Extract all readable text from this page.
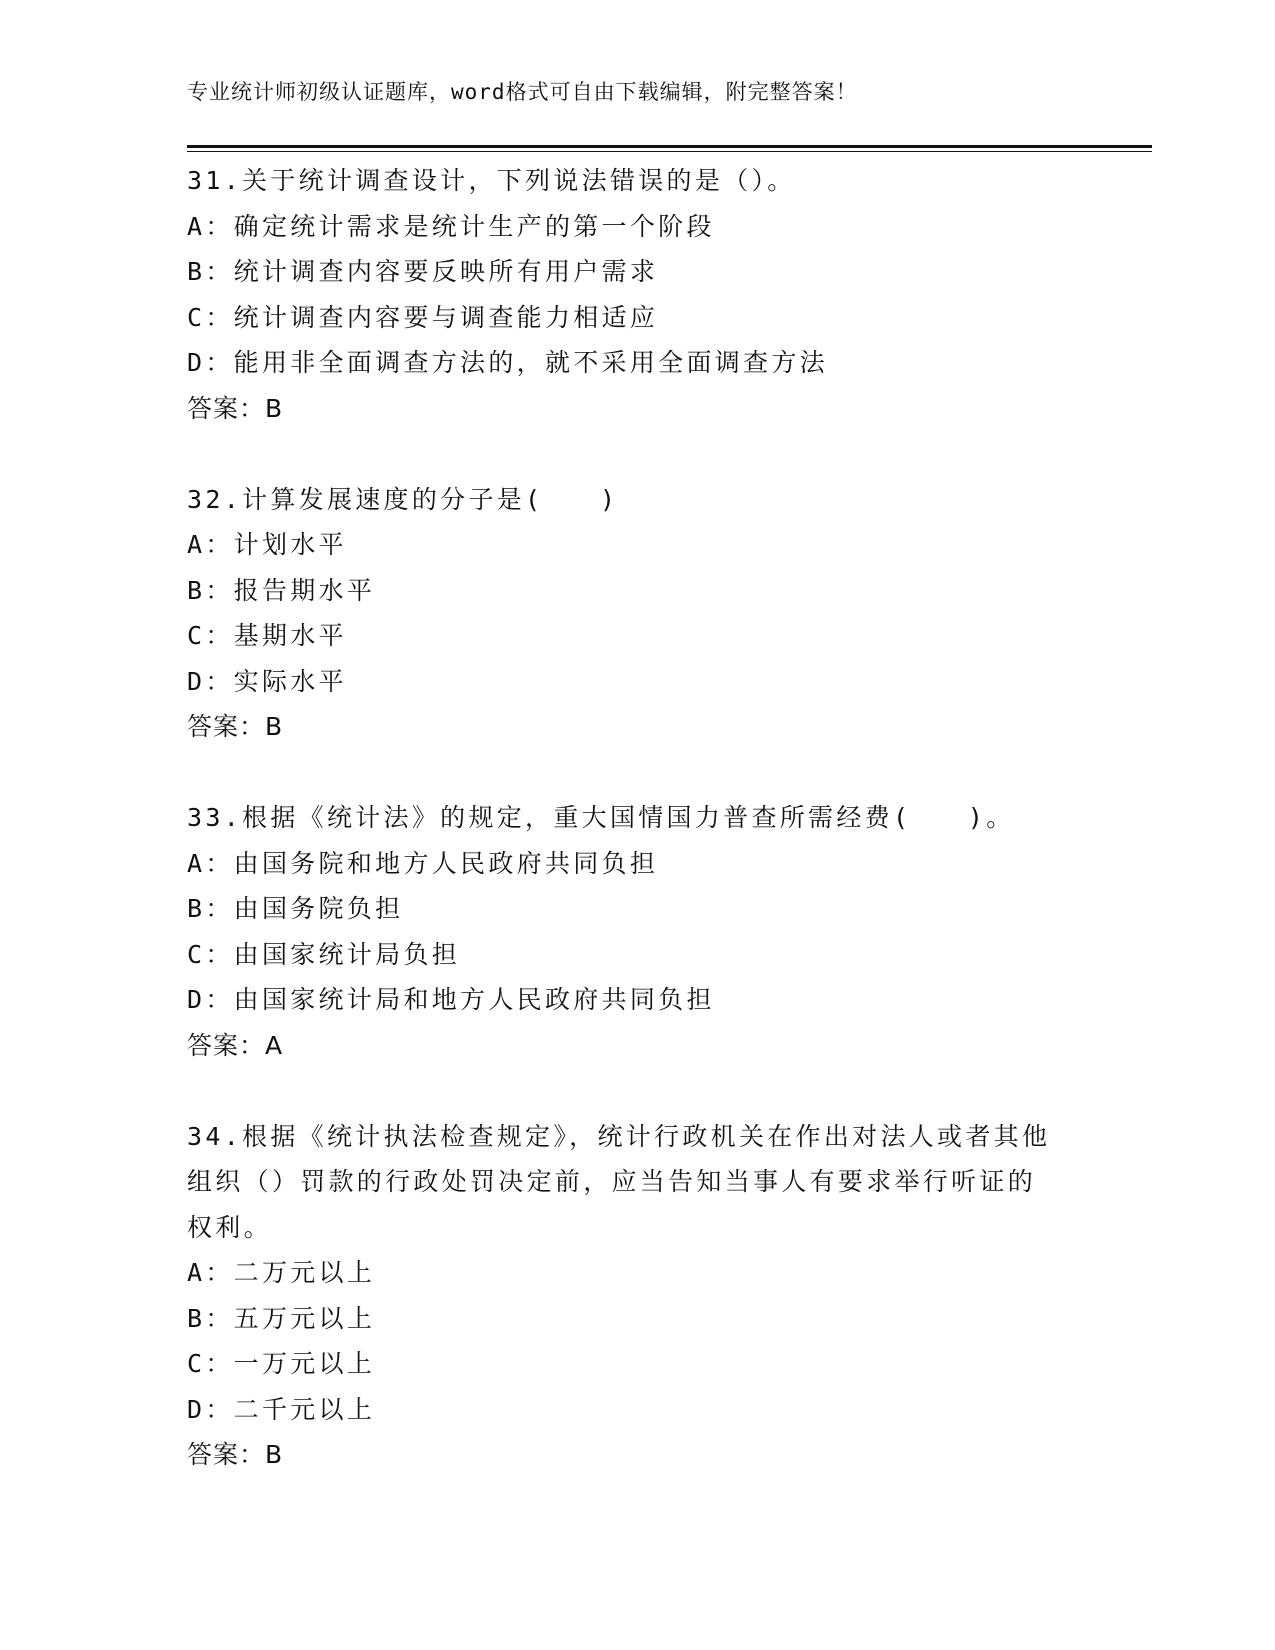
专业统计师初级认证题库，word格式可自由下载编辑，附完整答案！
31.关于统计调查设计，下列说法错误的是（）。
A：确定统计需求是统计生产的第一个阶段
B：统计调查内容要反映所有用户需求
C：统计调查内容要与调查能力相适应
D：能用非全面调查方法的，就不采用全面调查方法
答案：B
32.计算发展速度的分子是(　　)
A：计划水平
B：报告期水平
C：基期水平
D：实际水平
答案：B
33.根据《统计法》的规定，重大国情国力普查所需经费(　　)。
A：由国务院和地方人民政府共同负担
B：由国务院负担
C：由国家统计局负担
D：由国家统计局和地方人民政府共同负担
答案：A
34.根据《统计执法检查规定》，统计行政机关在作出对法人或者其他
组织（）罚款的行政处罚决定前，应当告知当事人有要求举行听证的
权利。
A：二万元以上
B：五万元以上
C：一万元以上
D：二千元以上
答案：B
